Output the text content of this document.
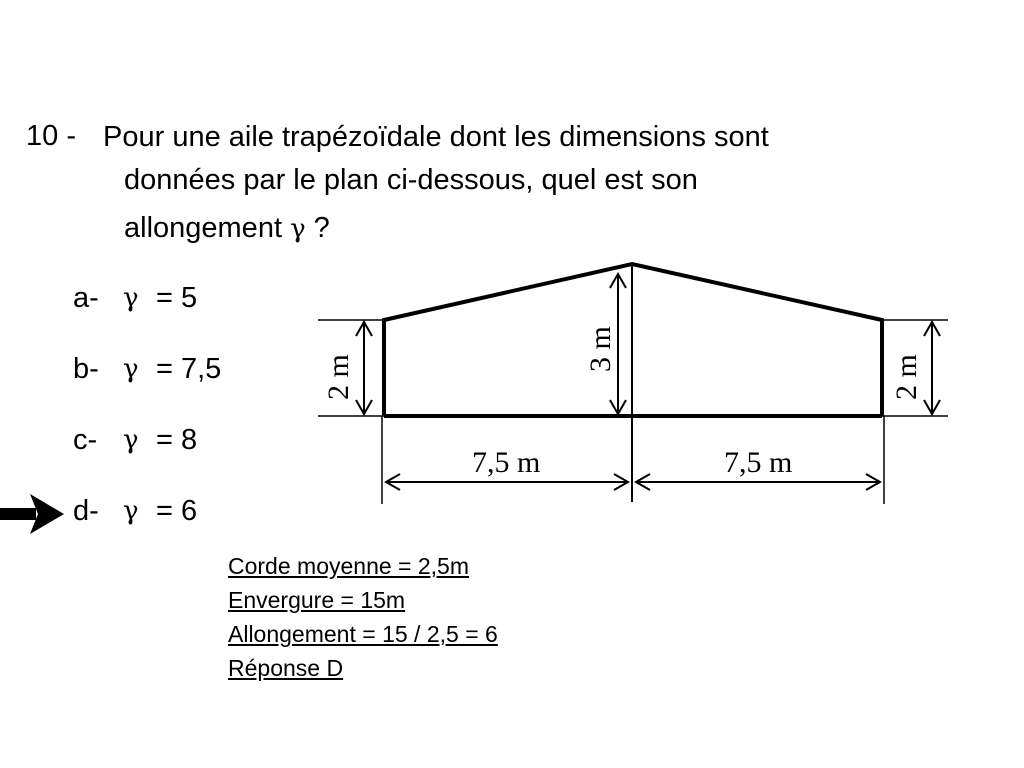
10 - Pour une aile trapézoïdale dont les dimensions sont
données par le plan ci-dessous, quel est son
allongement γ ?
a- γ = 5
b- γ = 7,5
c- γ = 8
d- γ = 6
2 m
3 m
2 m
7,5 m	7,5 m
Corde moyenne = 2,5m
Envergure = 15m
Allongement = 15 / 2,5 = 6
Réponse D
